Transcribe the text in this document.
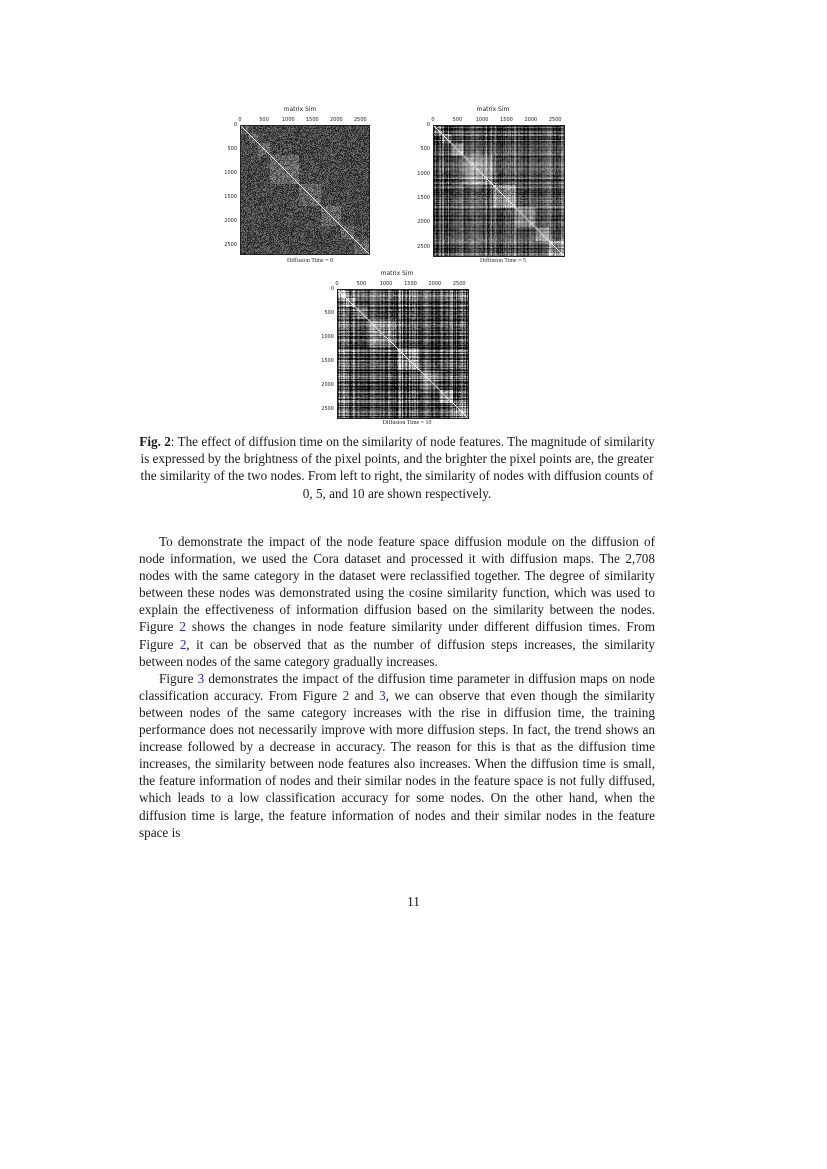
matrix Sim
0	500	1000 1500 2000 2500
0
500
1000
1500
2000
2500
Diffusion Time = 0
matrix Sim
0	500	1000 1500 2000 2500
0
500
1000
1500
2000
2500
Diffusion Time = 5
matrix Sim
0	500	1000 1500 2000 2500
0
500
1000
1500
2000
2500
Diffusion Time = 10
Fig. 2: The effect of diffusion time on the similarity of node features. The magnitude of similarity is expressed by the brightness of the pixel points, and the brighter the pixel points are, the greater the similarity of the two nodes. From left to right, the similarity of nodes with diffusion counts of 0, 5, and 10 are shown respectively.

To demonstrate the impact of the node feature space diffusion module on the diffusion of node information, we used the Cora dataset and processed it with diffusion maps. The 2,708 nodes with the same category in the dataset were reclassified together. The degree of similarity between these nodes was demonstrated using the cosine similarity function, which was used to explain the effectiveness of information diffusion based on the similarity between the nodes. Figure 2 shows the changes in node feature similarity under different diffusion times. From Figure 2, it can be observed that as the number of diffusion steps increases, the similarity between nodes of the same category gradually increases.

Figure 3 demonstrates the impact of the diffusion time parameter in diffusion maps on node classification accuracy. From Figure 2 and 3, we can observe that even though the similarity between nodes of the same category increases with the rise in diffusion time, the training performance does not necessarily improve with more diffusion steps. In fact, the trend shows an increase followed by a decrease in accuracy. The reason for this is that as the diffusion time increases, the similarity between node features also increases. When the diffusion time is small, the feature information of nodes and their similar nodes in the feature space is not fully diffused, which leads to a low classification accuracy for some nodes. On the other hand, when the diffusion time is large, the feature information of nodes and their similar nodes in the feature space is

11
